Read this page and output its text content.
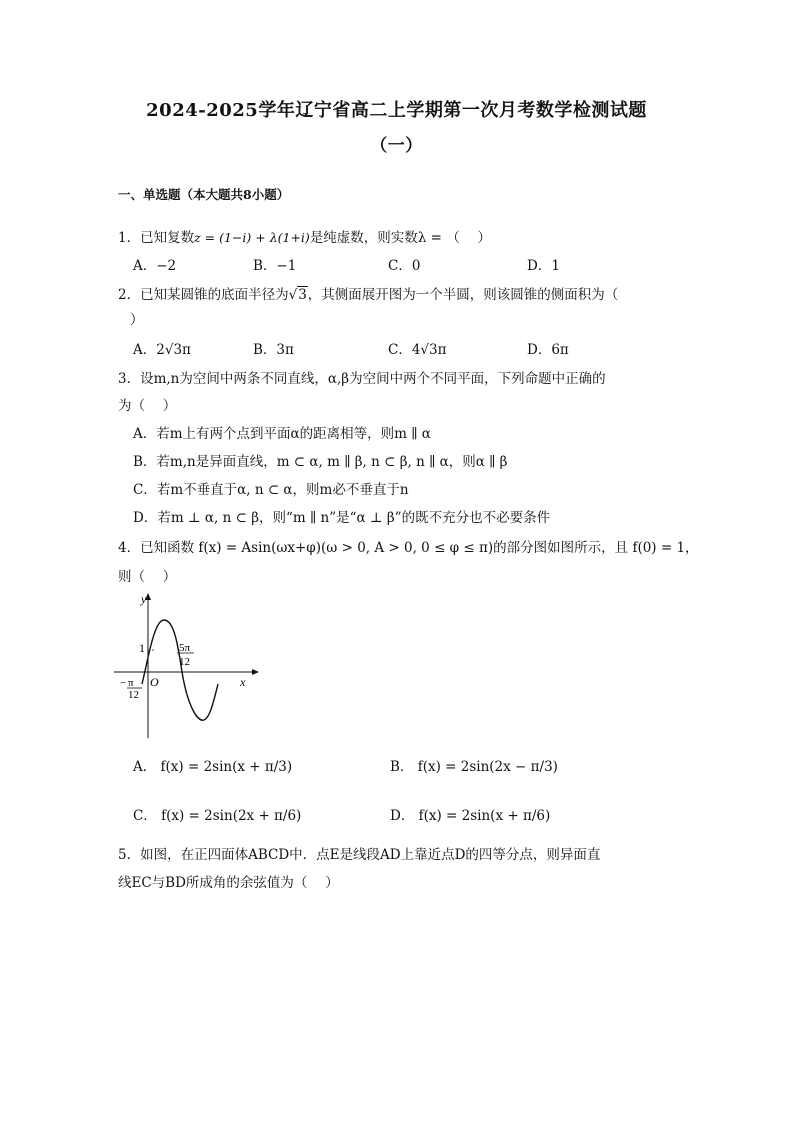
2024-2025学年辽宁省高二上学期第一次月考数学检测试题
（一）
一、单选题（本大题共8小题）
1．已知复数z = (1−i) + λ(1+i)是纯虚数，则实数λ = （　 ）
A．−2	B．−1	C．0	D．1
2．已知某圆锥的底面半径为√3，其侧面展开图为一个半圆，则该圆锥的侧面积为（
）
A．2√3π	B．3π	C．4√3π	D．6π
3．设m,n为空间中两条不同直线，α,β为空间中两个不同平面，下列命题中正确的
为（　 ）
A．若m上有两个点到平面α的距离相等，则m ∥ α
B．若m,n是异面直线，m ⊂ α, m ∥ β, n ⊂ β, n ∥ α，则α ∥ β
C．若m不垂直于α, n ⊂ α，则m必不垂直于n
D．若m ⊥ α, n ⊂ β，则“m ∥ n”是“α ⊥ β”的既不充分也不必要条件
4．已知函数 f(x) = Asin(ωx+φ)(ω > 0, A > 0, 0 ≤ φ ≤ π)的部分图如图所示，且 f(0) = 1，
则（　 ）
y
x
O
1
− π
12
5π
12
A． f(x) = 2sin(x + π/3)	B． f(x) = 2sin(2x − π/3)
C． f(x) = 2sin(2x + π/6)	D． f(x) = 2sin(x + π/6)
5．如图，在正四面体ABCD中．点E是线段AD上靠近点D的四等分点，则异面直
线EC与BD所成角的余弦值为（　 ）
